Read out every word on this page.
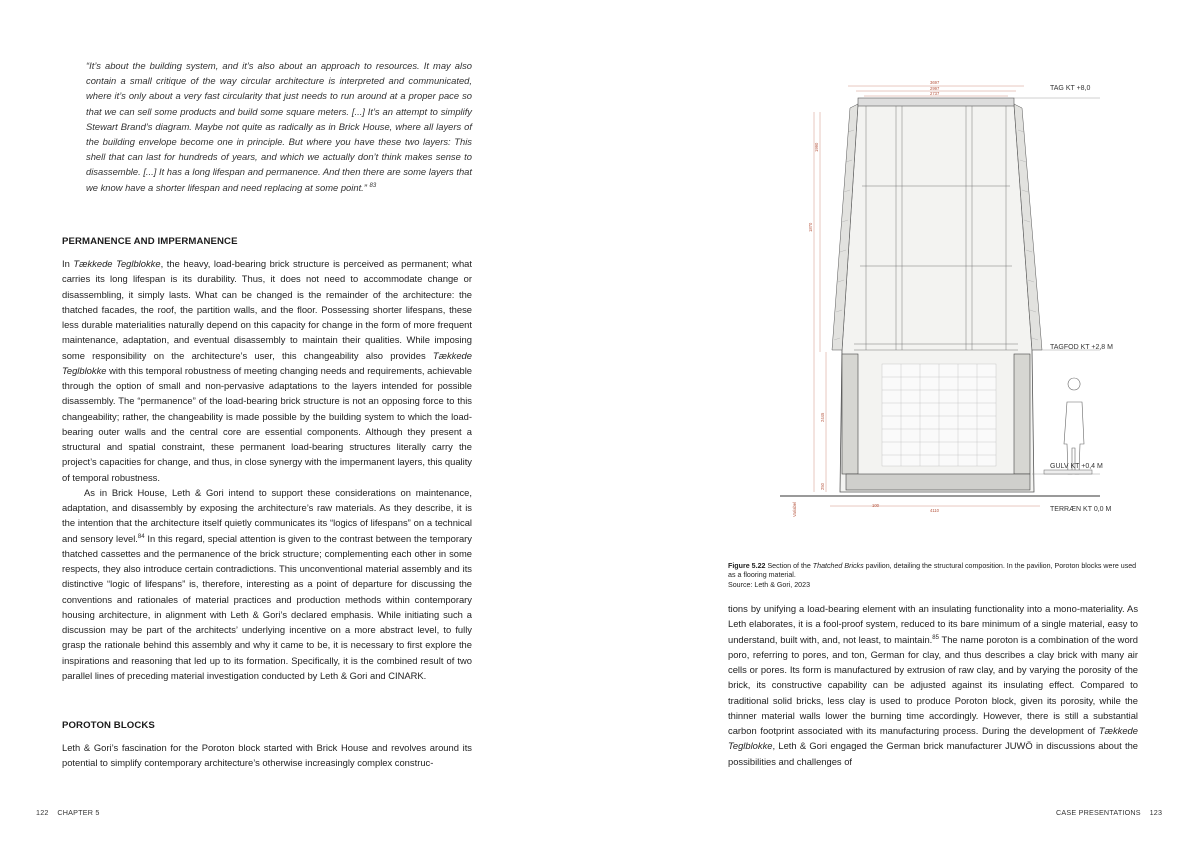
“It’s about the building system, and it’s also about an approach to resources. It may also contain a small critique of the way circular architecture is interpreted and communicated, where it’s only about a very fast circularity that just needs to run around at a proper pace so that we can sell some products and build some square meters. [...] It’s an attempt to simplify Stewart Brand’s diagram. Maybe not quite as radically as in Brick House, where all layers of the building envelope become one in principle. But where you have these two layers: This shell that can last for hundreds of years, and which we actually don’t think makes sense to disassemble. [...] It has a long lifespan and permanence. And then there are some layers that we know have a shorter lifespan and need replacing at some point.” $^{83}$
PERMANENCE AND IMPERMANENCE

In Tækkede Teglblokke, the heavy, load-bearing brick structure is perceived as permanent; what carries its long lifespan is its durability. Thus, it does not need to accommodate change or disassembling, it simply lasts. What can be changed is the remainder of the architecture: the thatched facades, the roof, the partition walls, and the floor. Possessing shorter lifespans, these less durable materialities naturally depend on this capacity for change in the form of more frequent maintenance, adaptation, and eventual disassembly to maintain their qualities. While imposing some responsibility on the architecture’s user, this changeability also provides Tækkede Teglblokke with this temporal robustness of meeting changing needs and requirements, achievable through the option of small and non-pervasive adaptations to the layers intended for possible disassembly. The “permanence” of the load-bearing brick structure is not an opposing force to this changeability; rather, the changeability is made possible by the building system to which the load-bearing outer walls and the central core are essential components. Although they present a structural and spatial constraint, these permanent load-bearing structures literally carry the project’s capacities for change, and thus, in close synergy with the impermanent layers, this quality of temporal robustness.

As in Brick House, Leth & Gori intend to support these considerations on maintenance, adaptation, and disassembly by exposing the architecture’s raw materials. As they describe, it is the intention that the architecture itself quietly communicates its “logics of lifespans” on a technical and sensory level.$^{84}$ In this regard, special attention is given to the contrast between the temporary thatched cassettes and the permanence of the brick structure; complementing each other in some respects, they also introduce certain contradictions. This unconventional material assembly and its distinctive “logic of lifespans” is, therefore, interesting as a point of departure for discussing the conventions and rationales of material practices and production methods within contemporary housing architecture, in alignment with Leth & Gori’s declared emphasis. While initiating such a discussion may be part of the architects’ underlying incentive on a more abstract level, to fully grasp the rationale behind this assembly and why it came to be, it is necessary to first explore the inspirations and reasoning that led up to its formation. Specifically, it is the combined result of two parallel lines of preceding material investigation conducted by Leth & Gori and CINARK.

POROTON BLOCKS

Leth & Gori’s fascination for the Poroton block started with Brick House and revolves around its potential to simplify contemporary architecture’s otherwise increasingly complex construc-

122 CHAPTER 5
3697
2997
2737
1870
1990
2445
250
4110
100
Variabel
TAG KT +8,0
TAGFOD KT +2,8 M
GULV KT +0,4 M
TERRÆN KT 0,0 M
Figure 5.22 Section of the Thatched Bricks pavilion, detailing the structural composition. In the pavilion, Poroton blocks were used as a flooring material.
Source: Leth & Gori, 2023

tions by unifying a load-bearing element with an insulating functionality into a mono-materiality. As Leth elaborates, it is a fool-proof system, reduced to its bare minimum of a single material, easy to understand, built with, and, not least, to maintain.$^{85}$ The name poroton is a combination of the word poro, referring to pores, and ton, German for clay, and thus describes a clay brick with many air cells or pores. Its form is manufactured by extrusion of raw clay, and by varying the porosity of the brick, its constructive capability can be adjusted against its insulating effect. Compared to traditional solid bricks, less clay is used to produce Poroton block, given its porosity, while the thinner material walls lower the burning time accordingly. However, there is still a substantial carbon footprint associated with its manufacturing process. During the development of Tækkede Teglblokke, Leth & Gori engaged the German brick manufacturer JUWÖ in discussions about the possibilities and challenges of

CASE PRESENTATIONS 123
